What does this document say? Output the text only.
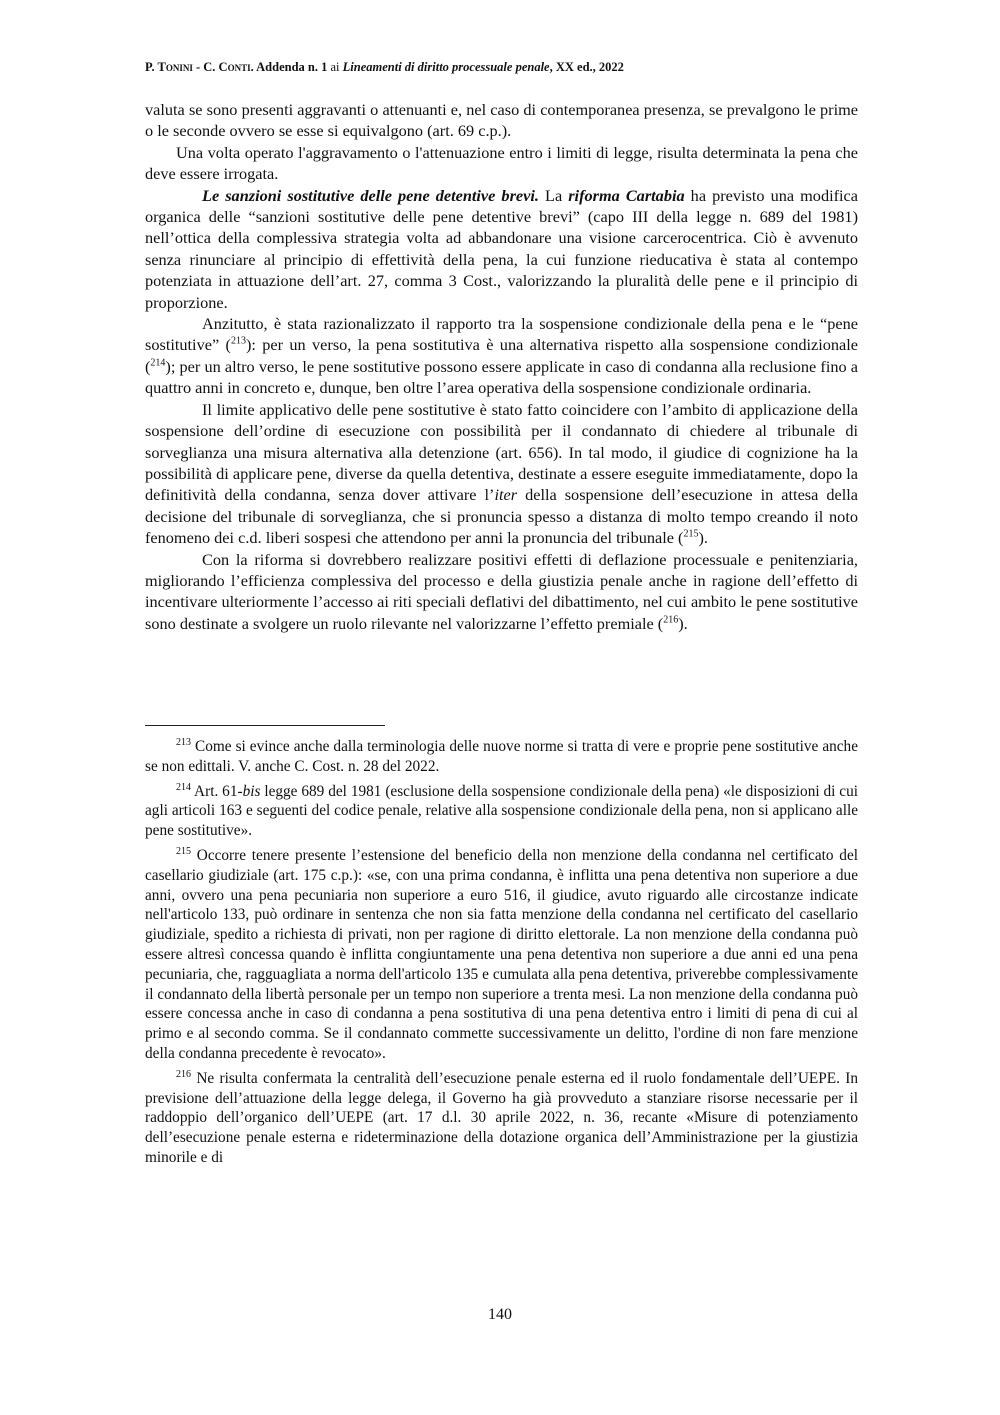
P. Tonini - C. Conti. Addenda n. 1 ai Lineamenti di diritto processuale penale, XX ed., 2022

valuta se sono presenti aggravanti o attenuanti e, nel caso di contemporanea presenza, se prevalgono le prime o le seconde ovvero se esse si equivalgono (art. 69 c.p.).

Una volta operato l'aggravamento o l'attenuazione entro i limiti di legge, risulta determinata la pena che deve essere irrogata.

Le sanzioni sostitutive delle pene detentive brevi. La riforma Cartabia ha previsto una modifica organica delle “sanzioni sostitutive delle pene detentive brevi” (capo III della legge n. 689 del 1981) nell’ottica della complessiva strategia volta ad abbandonare una visione carcerocentrica. Ciò è avvenuto senza rinunciare al principio di effettività della pena, la cui funzione rieducativa è stata al contempo potenziata in attuazione dell’art. 27, comma 3 Cost., valorizzando la pluralità delle pene e il principio di proporzione.

Anzitutto, è stata razionalizzato il rapporto tra la sospensione condizionale della pena e le “pene sostitutive” ($^{213}$): per un verso, la pena sostitutiva è una alternativa rispetto alla sospensione condizionale ($^{214}$); per un altro verso, le pene sostitutive possono essere applicate in caso di condanna alla reclusione fino a quattro anni in concreto e, dunque, ben oltre l’area operativa della sospensione condizionale ordinaria.

Il limite applicativo delle pene sostitutive è stato fatto coincidere con l’ambito di applicazione della sospensione dell’ordine di esecuzione con possibilità per il condannato di chiedere al tribunale di sorveglianza una misura alternativa alla detenzione (art. 656). In tal modo, il giudice di cognizione ha la possibilità di applicare pene, diverse da quella detentiva, destinate a essere eseguite immediatamente, dopo la definitività della condanna, senza dover attivare l’iter della sospensione dell’esecuzione in attesa della decisione del tribunale di sorveglianza, che si pronuncia spesso a distanza di molto tempo creando il noto fenomeno dei c.d. liberi sospesi che attendono per anni la pronuncia del tribunale ($^{215}$).

Con la riforma si dovrebbero realizzare positivi effetti di deflazione processuale e penitenziaria, migliorando l’efficienza complessiva del processo e della giustizia penale anche in ragione dell’effetto di incentivare ulteriormente l’accesso ai riti speciali deflativi del dibattimento, nel cui ambito le pene sostitutive sono destinate a svolgere un ruolo rilevante nel valorizzarne l’effetto premiale ($^{216}$).

$^{213}$ Come si evince anche dalla terminologia delle nuove norme si tratta di vere e proprie pene sostitutive anche se non edittali. V. anche C. Cost. n. 28 del 2022.

$^{214}$ Art. 61-bis legge 689 del 1981 (esclusione della sospensione condizionale della pena) «le disposizioni di cui agli articoli 163 e seguenti del codice penale, relative alla sospensione condizionale della pena, non si applicano alle pene sostitutive».

$^{215}$ Occorre tenere presente l’estensione del beneficio della non menzione della condanna nel certificato del casellario giudiziale (art. 175 c.p.): «se, con una prima condanna, è inflitta una pena detentiva non superiore a due anni, ovvero una pena pecuniaria non superiore a euro 516, il giudice, avuto riguardo alle circostanze indicate nell'articolo 133, può ordinare in sentenza che non sia fatta menzione della condanna nel certificato del casellario giudiziale, spedito a richiesta di privati, non per ragione di diritto elettorale. La non menzione della condanna può essere altresì concessa quando è inflitta congiuntamente una pena detentiva non superiore a due anni ed una pena pecuniaria, che, ragguagliata a norma dell'articolo 135 e cumulata alla pena detentiva, priverebbe complessivamente il condannato della libertà personale per un tempo non superiore a trenta mesi. La non menzione della condanna può essere concessa anche in caso di condanna a pena sostitutiva di una pena detentiva entro i limiti di pena di cui al primo e al secondo comma. Se il condannato commette successivamente un delitto, l'ordine di non fare menzione della condanna precedente è revocato».

$^{216}$ Ne risulta confermata la centralità dell’esecuzione penale esterna ed il ruolo fondamentale dell’UEPE. In previsione dell’attuazione della legge delega, il Governo ha già provveduto a stanziare risorse necessarie per il raddoppio dell’organico dell’UEPE (art. 17 d.l. 30 aprile 2022, n. 36, recante «Misure di potenziamento dell’esecuzione penale esterna e rideterminazione della dotazione organica dell’Amministrazione per la giustizia minorile e di

140
